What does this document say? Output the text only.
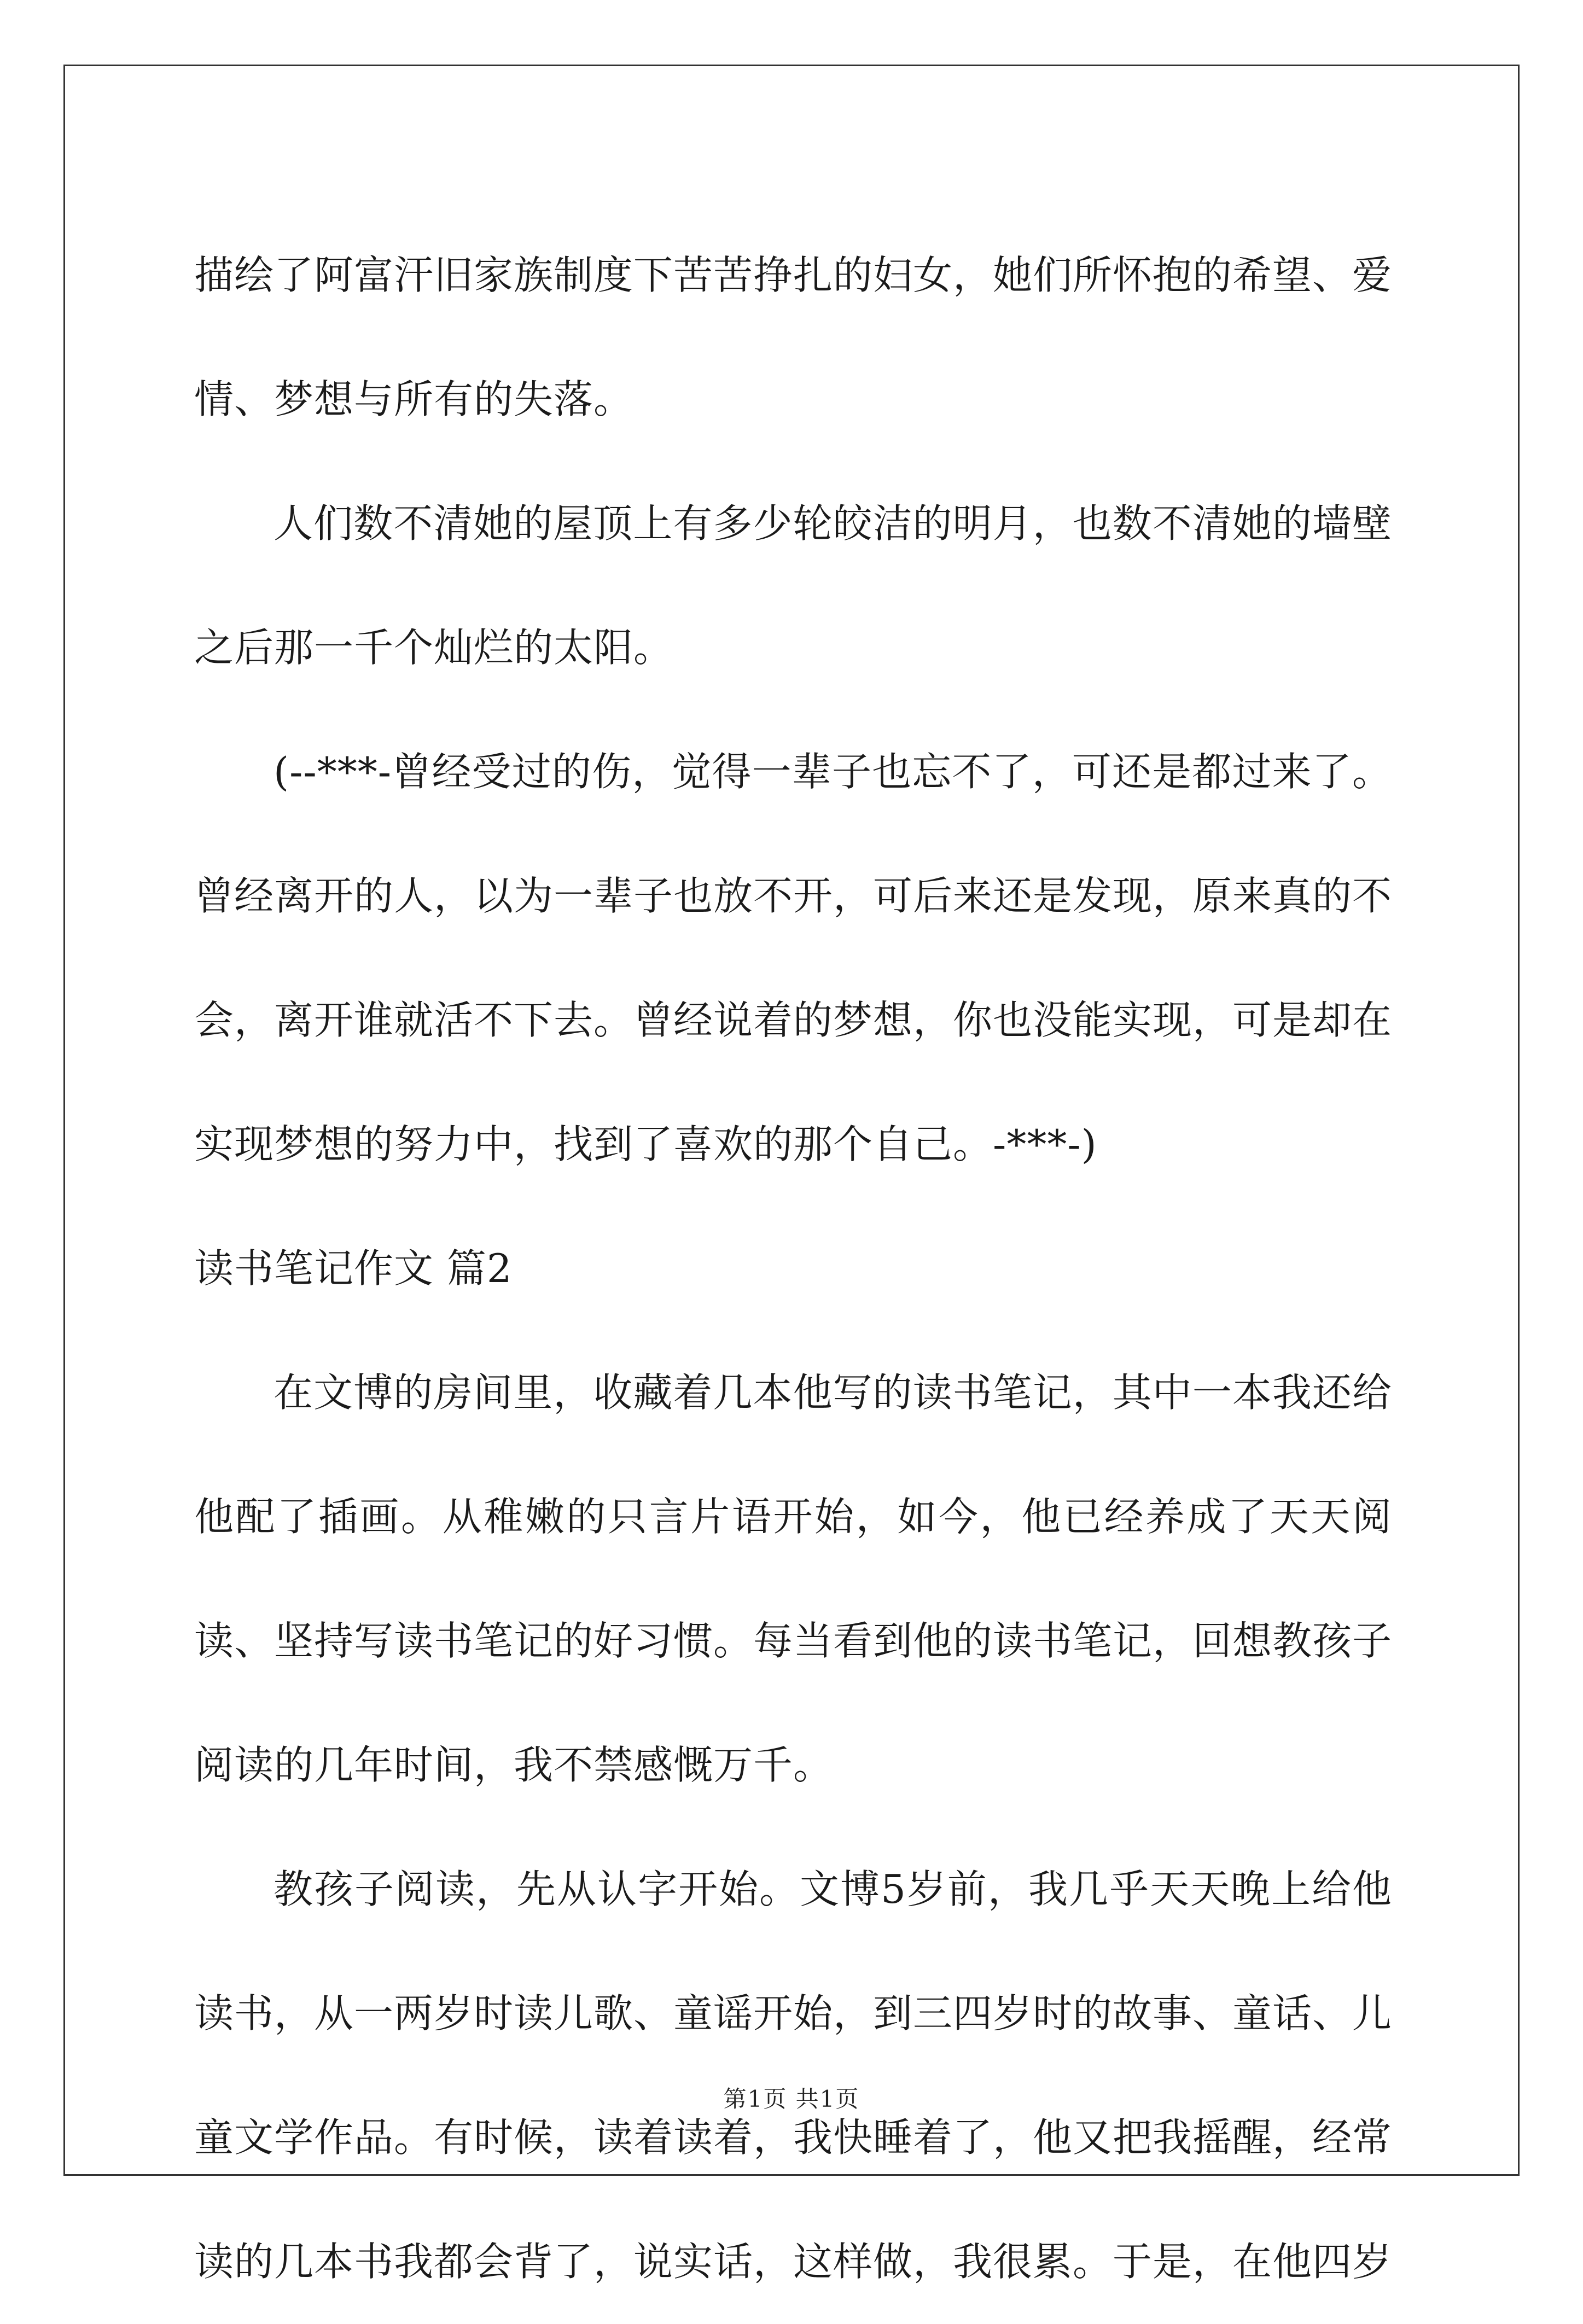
描绘了阿富汗旧家族制度下苦苦挣扎的妇女，她们所怀抱的希望、爱情、梦想与所有的失落。

人们数不清她的屋顶上有多少轮皎洁的明月，也数不清她的墙壁之后那一千个灿烂的太阳。

(--***-曾经受过的伤，觉得一辈子也忘不了，可还是都过来了。曾经离开的人，以为一辈子也放不开，可后来还是发现，原来真的不会，离开谁就活不下去。曾经说着的梦想，你也没能实现，可是却在实现梦想的努力中，找到了喜欢的那个自己。-***-)

读书笔记作文 篇2

在文博的房间里，收藏着几本他写的读书笔记，其中一本我还给他配了插画。从稚嫩的只言片语开始，如今，他已经养成了天天阅读、坚持写读书笔记的好习惯。每当看到他的读书笔记，回想教孩子阅读的几年时间，我不禁感慨万千。

教孩子阅读，先从认字开始。文博5岁前，我几乎天天晚上给他读书，从一两岁时读儿歌、童谣开始，到三四岁时的故事、童话、儿童文学作品。有时候，读着读着，我快睡着了，他又把我摇醒，经常读的几本书我都会背了，说实话，这样做，我很累。于是，在他四岁

第1页 共1页
